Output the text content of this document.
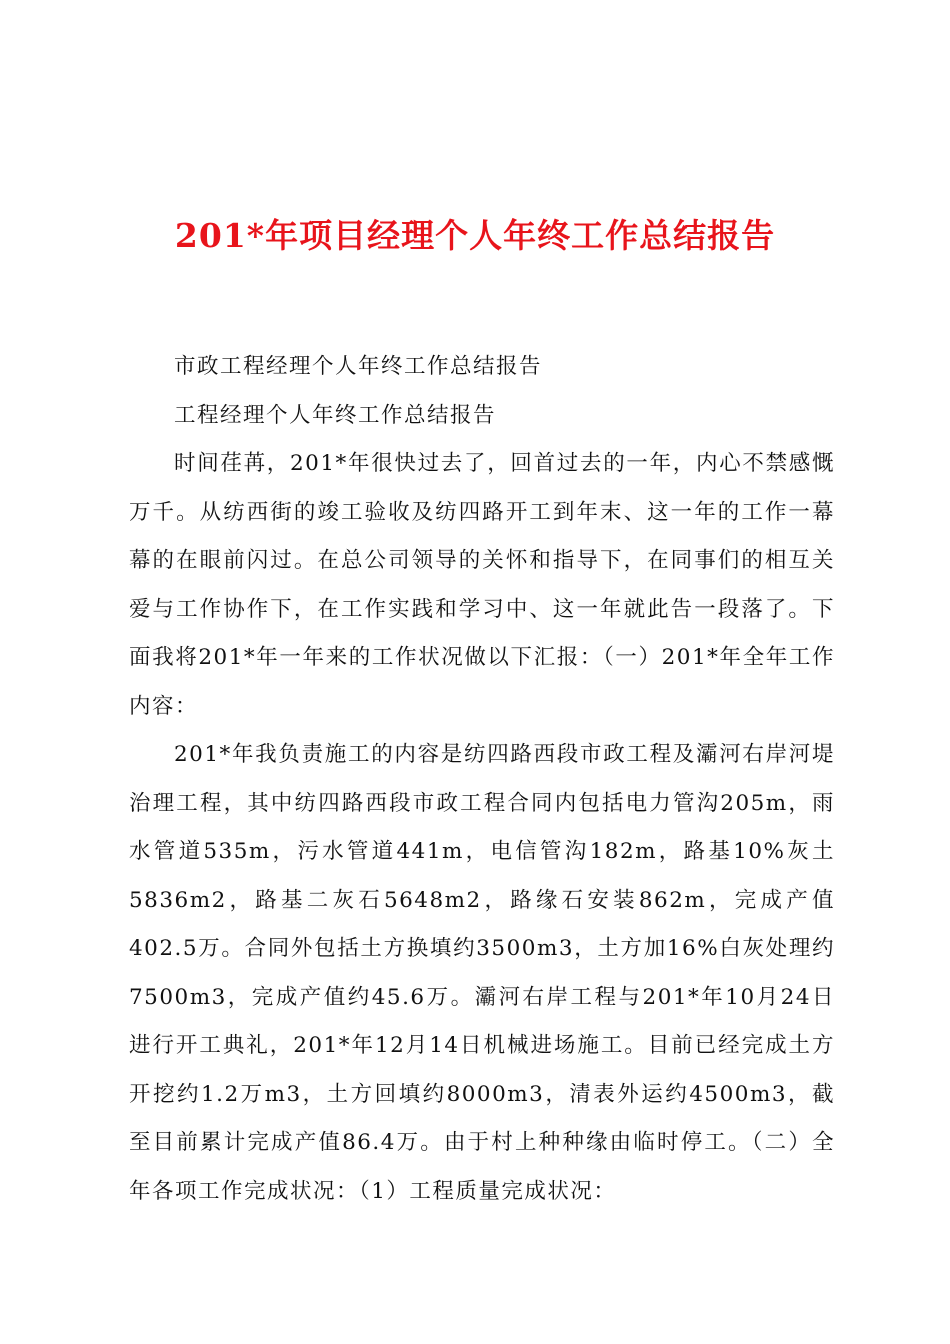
201*年项目经理个人年终工作总结报告

市政工程经理个人年终工作总结报告

工程经理个人年终工作总结报告

时间荏苒，201*年很快过去了，回首过去的一年，内心不禁感慨万千。从纺西街的竣工验收及纺四路开工到年末、这一年的工作一幕幕的在眼前闪过。在总公司领导的关怀和指导下，在同事们的相互关爱与工作协作下，在工作实践和学习中、这一年就此告一段落了。下面我将201*年一年来的工作状况做以下汇报：（一）201*年全年工作内容：

201*年我负责施工的内容是纺四路西段市政工程及灞河右岸河堤治理工程，其中纺四路西段市政工程合同内包括电力管沟205m，雨水管道535m，污水管道441m，电信管沟182m，路基10%灰土5836m2，路基二灰石5648m2，路缘石安装862m，完成产值402.5万。合同外包括土方换填约3500m3，土方加16%白灰处理约7500m3，完成产值约45.6万。灞河右岸工程与201*年10月24日进行开工典礼，201*年12月14日机械进场施工。目前已经完成土方开挖约1.2万m3，土方回填约8000m3，清表外运约4500m3，截至目前累计完成产值86.4万。由于村上种种缘由临时停工。（二）全年各项工作完成状况：（1）工程质量完成状况：
